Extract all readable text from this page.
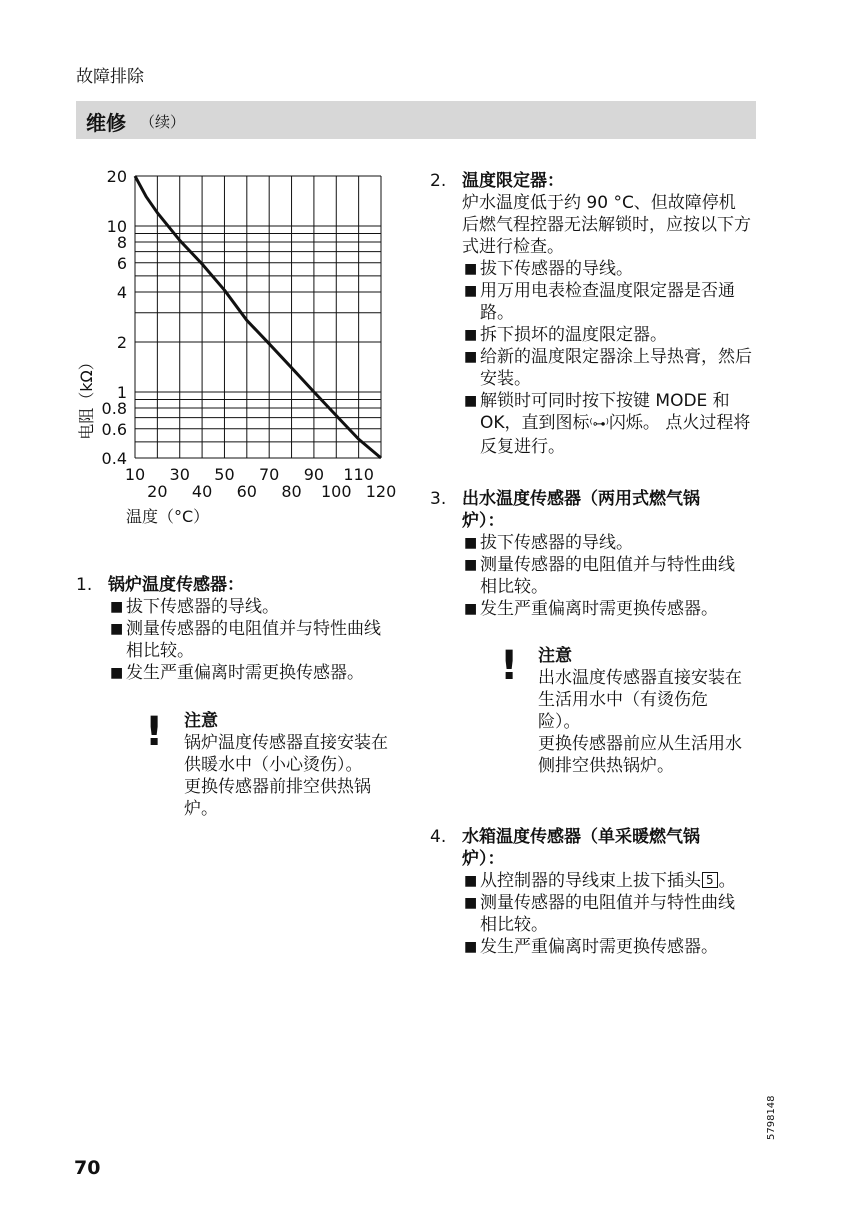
故障排除
维修 （续）
20
10
8
6
4
2
1
0.8
0.6
0.4
10 30 50 70 90 110
20 40 60 80 100 120
温度（°C）
电阻（kΩ）
1. 锅炉温度传感器：
■ 拔下传感器的导线。
■ 测量传感器的电阻值并与特性曲线相比较。
■ 发生严重偏离时需更换传感器。
! 注意
锅炉温度传感器直接安装在供暖水中（小心烫伤）。
更换传感器前排空供热锅炉。
2. 温度限定器：
炉水温度低于约 90 °C、但故障停机后燃气程控器无法解锁时，应按以下方式进行检查。
■ 拔下传感器的导线。
■ 用万用电表检查温度限定器是否通路。
■ 拆下损坏的温度限定器。
■ 给新的温度限定器涂上导热膏，然后安装。
■ 解锁时可同时按下按键 MODE 和 OK，直到图标⁽⊶⁾闪烁。 点火过程将反复进行。
3. 出水温度传感器（两用式燃气锅炉）：
■ 拔下传感器的导线。
■ 测量传感器的电阻值并与特性曲线相比较。
■ 发生严重偏离时需更换传感器。
! 注意
出水温度传感器直接安装在生活用水中（有烫伤危险）。
更换传感器前应从生活用水侧排空供热锅炉。
4. 水箱温度传感器（单采暖燃气锅炉）：
■ 从控制器的导线束上拔下插头 5 。
■ 测量传感器的电阻值并与特性曲线相比较。
■ 发生严重偏离时需更换传感器。
70
5798148
